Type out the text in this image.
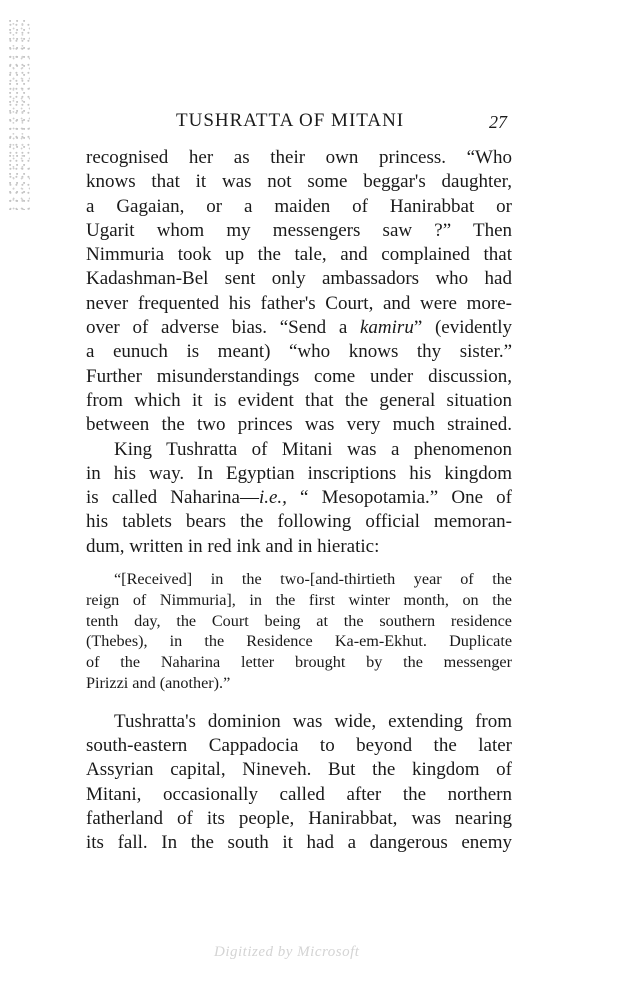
TUSHRATTA OF MITANI	27
recognised her as their own princess. “Who
knows that it was not some beggar's daughter,
a Gagaian, or a maiden of Hanirabbat or
Ugarit whom my messengers saw ?” Then
Nimmuria took up the tale, and complained that
Kadashman-Bel sent only ambassadors who had
never frequented his father's Court, and were more-
over of adverse bias. “Send a kamiru” (evidently
a eunuch is meant) “who knows thy sister.”
Further misunderstandings come under discussion,
from which it is evident that the general situation
between the two princes was very much strained.
King Tushratta of Mitani was a phenomenon
in his way. In Egyptian inscriptions his kingdom
is called Naharina—i.e., “ Mesopotamia.” One of
his tablets bears the following official memoran-
dum, written in red ink and in hieratic:
“[Received] in the two-[and-thirtieth year of the
reign of Nimmuria], in the first winter month, on the
tenth day, the Court being at the southern residence
(Thebes), in the Residence Ka-em-Ekhut. Duplicate
of the Naharina letter brought by the messenger
Pirizzi and (another).”
Tushratta's dominion was wide, extending from
south-eastern Cappadocia to beyond the later
Assyrian capital, Nineveh. But the kingdom of
Mitani, occasionally called after the northern
fatherland of its people, Hanirabbat, was nearing
its fall. In the south it had a dangerous enemy
Digitized by Microsoft
